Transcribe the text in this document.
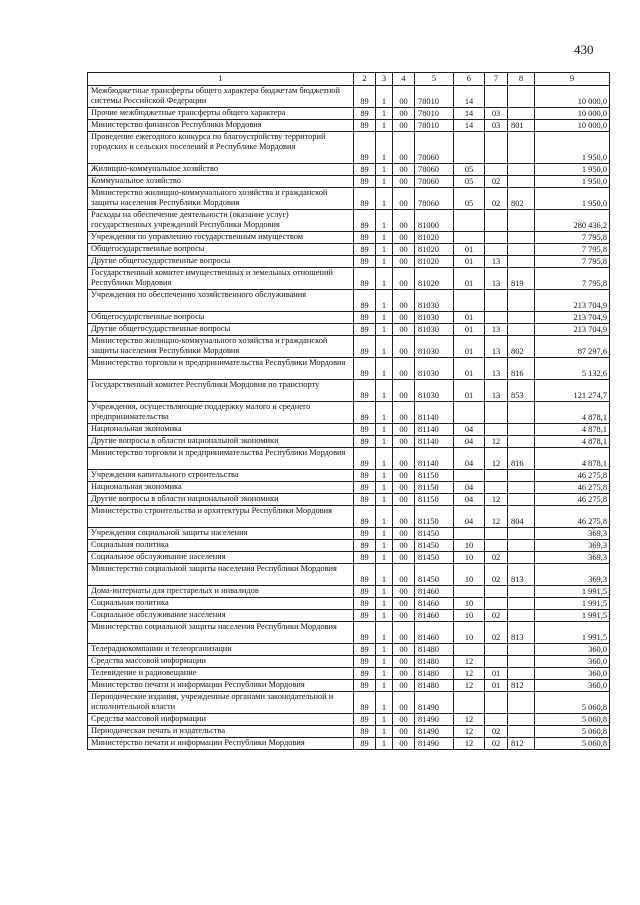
430
1	2	3	4	5	6	7	8	9
Межбюджетные трансферты общего характера бюджетам бюджетной системы Российской Федерации	89	1	00	78010	14			10 000,0
Прочие межбюджетные трансферты общего характера	89	1	00	78010	14	03		10 000,0
Министерство финансов Республики Мордовия	89	1	00	78010	14	03	801	10 000,0
Проведение ежегодного конкурса по благоустройству территорий городских и сельских поселений в Республике Мордовия	89	1	00	78060				1 950,0
Жилищно-коммунальное хозяйство	89	1	00	78060	05			1 950,0
Коммунальное хозяйство	89	1	00	78060	05	02		1 950,0
Министерство жилищно-коммунального хозяйства и гражданской защиты населения Республики Мордовия	89	1	00	78060	05	02	802	1 950,0
Расходы на обеспечение деятельности (оказание услуг) государственных учреждений Республики Мордовия	89	1	00	81000				280 436,2
Учреждения по управлению государственным имуществом	89	1	00	81020				7 795,8
Общегосударственные вопросы	89	1	00	81020	01			7 795,8
Другие общегосударственные вопросы	89	1	00	81020	01	13		7 795,8
Государственный комитет имущественных и земельных отношений Республики Мордовия	89	1	00	81020	01	13	819	7 795,8
Учреждения по обеспечению хозяйственного обслуживания	89	1	00	81030				213 704,9
Общегосударственные вопросы	89	1	00	81030	01			213 704,9
Другие общегосударственные вопросы	89	1	00	81030	01	13		213 704,9
Министерство жилищно-коммунального хозяйства и гражданской защиты населения Республики Мордовия	89	1	00	81030	01	13	802	87 297,6
Министерство торговли и предпринимательства Республики Мордовия	89	1	00	81030	01	13	816	5 132,6
Государственный комитет Республики Мордовия по транспорту	89	1	00	81030	01	13	853	121 274,7
Учреждения, осуществляющие поддержку малого и среднего предпринимательства	89	1	00	81140				4 878,1
Национальная экономика	89	1	00	81140	04			4 878,1
Другие вопросы в области национальной экономики	89	1	00	81140	04	12		4 878,1
Министерство торговли и предпринимательства Республики Мордовия	89	1	00	81140	04	12	816	4 878,1
Учреждения капитального строительства	89	1	00	81150				46 275,8
Национальная экономика	89	1	00	81150	04			46 275,8
Другие вопросы в области национальной экономики	89	1	00	81150	04	12		46 275,8
Министерство строительства и архитектуры Республики Мордовия	89	1	00	81150	04	12	804	46 275,8
Учреждения социальной защиты населения	89	1	00	81450				369,3
Социальная политика	89	1	00	81450	10			369,3
Социальное обслуживание населения	89	1	00	81450	10	02		369,3
Министерство социальной защиты населения Республики Мордовия	89	1	00	81450	10	02	813	369,3
Дома-интернаты для престарелых и инвалидов	89	1	00	81460				1 991,5
Социальная политика	89	1	00	81460	10			1 991,5
Социальное обслуживание населения	89	1	00	81460	10	02		1 991,5
Министерство социальной защиты населения Республики Мордовия	89	1	00	81460	10	02	813	1 991,5
Телерадиокомпании и телеорганизации	89	1	00	81480				360,0
Средства массовой информации	89	1	00	81480	12			360,0
Телевидение и радиовещание	89	1	00	81480	12	01		360,0
Министерство печати и информации Республики Мордовия	89	1	00	81480	12	01	812	360,0
Периодические издания, учрежденные органами законодательной и исполнительной власти	89	1	00	81490				5 060,8
Средства массовой информации	89	1	00	81490	12			5 060,8
Периодическая печать и издательства	89	1	00	81490	12	02		5 060,8
Министерство печати и информации Республики Мордовия	89	1	00	81490	12	02	812	5 060,8
